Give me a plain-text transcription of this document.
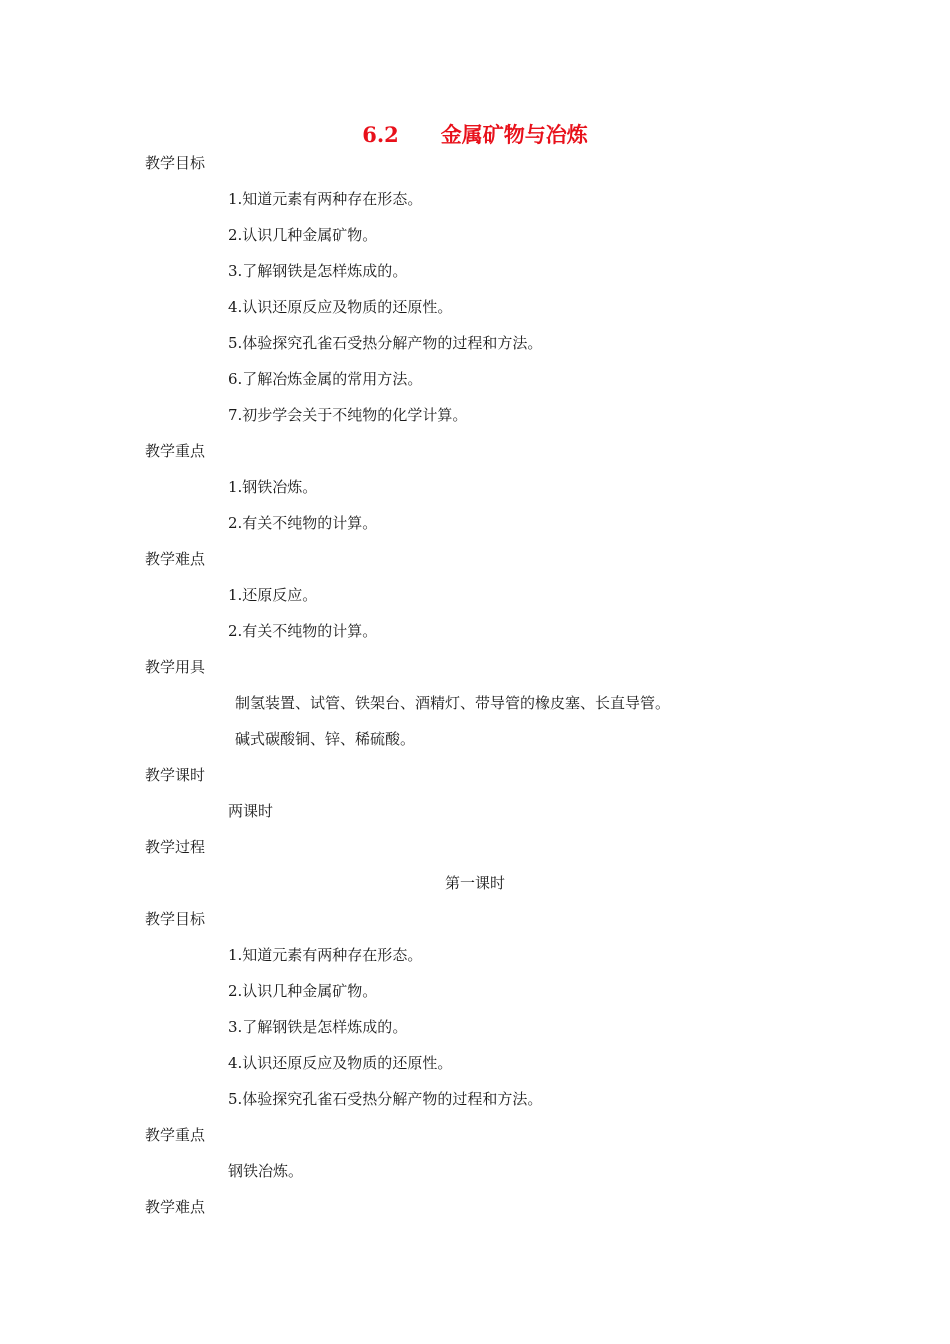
6.2 金属矿物与冶炼
教学目标
1.知道元素有两种存在形态。
2.认识几种金属矿物。
3.了解钢铁是怎样炼成的。
4.认识还原反应及物质的还原性。
5.体验探究孔雀石受热分解产物的过程和方法。
6.了解冶炼金属的常用方法。
7.初步学会关于不纯物的化学计算。
教学重点
1.钢铁冶炼。
2.有关不纯物的计算。
教学难点
1.还原反应。
2.有关不纯物的计算。
教学用具
制氢装置、试管、铁架台、酒精灯、带导管的橡皮塞、长直导管。
碱式碳酸铜、锌、稀硫酸。
教学课时
两课时
教学过程
第一课时
教学目标
1.知道元素有两种存在形态。
2.认识几种金属矿物。
3.了解钢铁是怎样炼成的。
4.认识还原反应及物质的还原性。
5.体验探究孔雀石受热分解产物的过程和方法。
教学重点
钢铁冶炼。
教学难点
